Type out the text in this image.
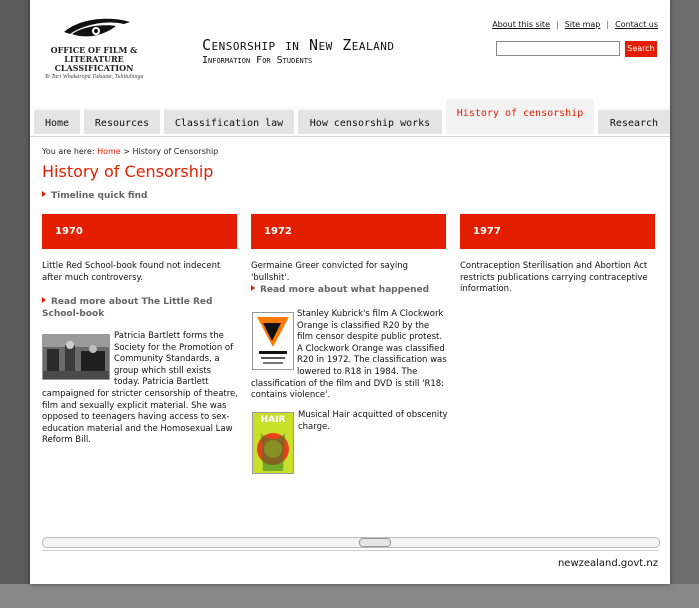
OFFICE OF FILM & LITERATURE CLASSIFICATION
Te Tari Whakarōpū Tukuata, Tuhituhinga
Censorship in New Zealand
Information For Students
About this site | Site map | Contact us
Search
Home	Resources	Classification law	How censorship works
History of censorship
Research
You are here: Home > History of Censorship
History of Censorship
Timeline quick find
1970
Little Red School-book found not indecent after much controversy.
Read more about The Little Red School-book
Patricia Bartlett forms the Society for the Promotion of Community Standards, a group which still exists today. Patricia Bartlett campaigned for stricter censorship of theatre, film and sexually explicit material. She was opposed to teenagers having access to sex-education material and the Homosexual Law Reform Bill.
1972
Germaine Greer convicted for saying 'bullshit'.
Read more about what happened
Stanley Kubrick's film A Clockwork Orange is classified R20 by the film censor despite public protest. A Clockwork Orange was classified R20 in 1972. The classification was lowered to R18 in 1984. The classification of the film and DVD is still 'R18: contains violence'.
HAIR	Musical Hair acquitted of obscenity charge.
1977
Contraception Sterilisation and Abortion Act restricts publications carrying contraceptive information.
newzealand.govt.nz
